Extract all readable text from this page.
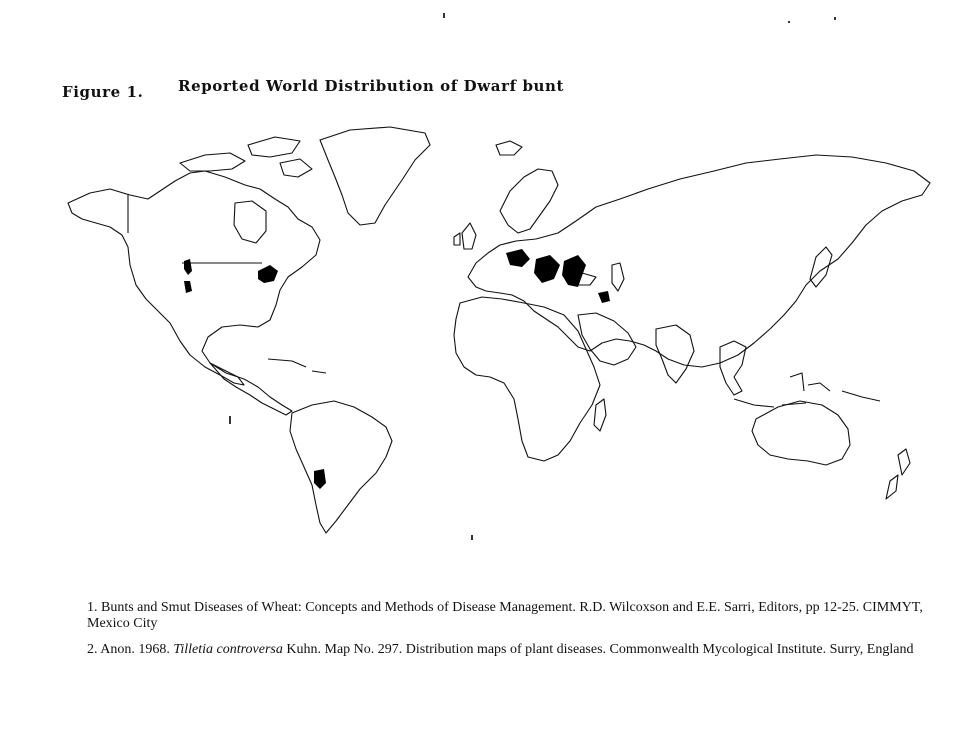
Figure 1. Reported World Distribution of Dwarf bunt

1. Bunts and Smut Diseases of Wheat: Concepts and Methods of Disease Management. R.D. Wilcoxson and E.E. Sarri, Editors, pp 12-25. CIMMYT, Mexico City

2. Anon. 1968. Tilletia controversa Kuhn. Map No. 297. Distribution maps of plant diseases. Commonwealth Mycological Institute. Surry, England
